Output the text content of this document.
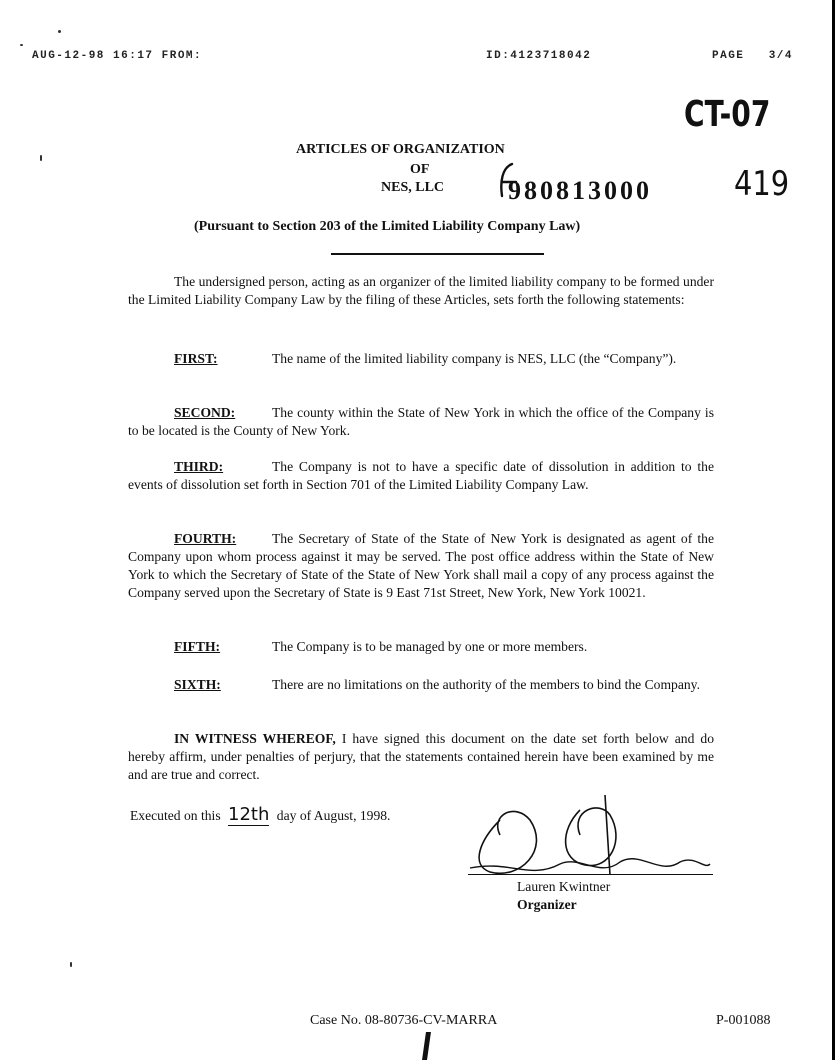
AUG-12-98 16:17 FROM:	ID:4123718042	PAGE   3/4
CT-07
ARTICLES OF ORGANIZATION
OF
NES, LLC 980813000 419
(Pursuant to Section 203 of the Limited Liability Company Law)
The undersigned person, acting as an organizer of the limited liability company to be formed under the Limited Liability Company Law by the filing of these Articles, sets forth the following statements:
FIRST:	The name of the limited liability company is NES, LLC (the “Company”).
SECOND:	The county within the State of New York in which the office of the Company is to be located is the County of New York.
THIRD:	The Company is not to have a specific date of dissolution in addition to the events of dissolution set forth in Section 701 of the Limited Liability Company Law.
FOURTH:	The Secretary of State of the State of New York is designated as agent of the Company upon whom process against it may be served. The post office address within the State of New York to which the Secretary of State of the State of New York shall mail a copy of any process against the Company served upon the Secretary of State is 9 East 71st Street, New York, New York 10021.
FIFTH:	The Company is to be managed by one or more members.
SIXTH:	There are no limitations on the authority of the members to bind the Company.
IN WITNESS WHEREOF, I have signed this document on the date set forth below and do hereby affirm, under penalties of perjury, that the statements contained herein have been examined by me and are true and correct.
Executed on this 12th day of August, 1998.
Lauren Kwintner
Organizer
Case No. 08-80736-CV-MARRA	P-001088
